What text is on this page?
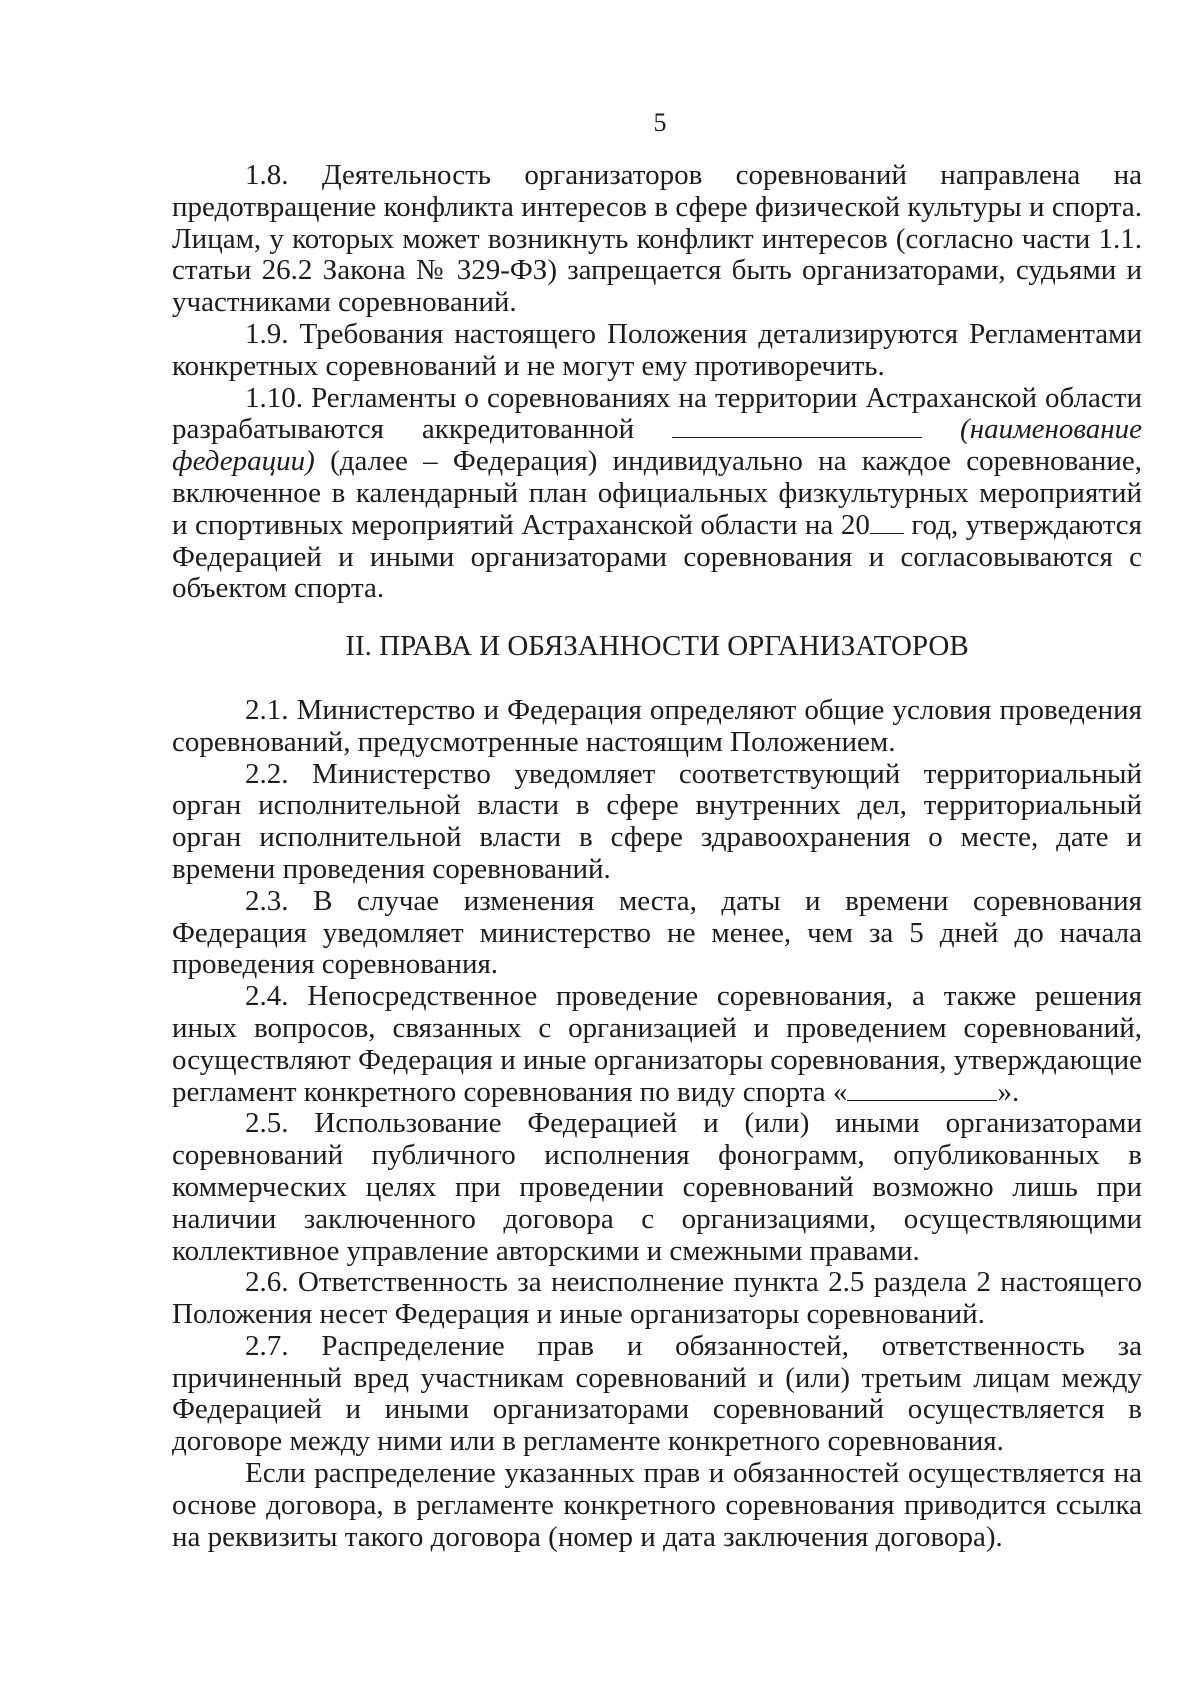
5

1.8. Деятельность организаторов соревнований направлена на предотвращение конфликта интересов в сфере физической культуры и спорта. Лицам, у которых может возникнуть конфликт интересов (согласно части 1.1. статьи 26.2 Закона № 329-ФЗ) запрещается быть организаторами, судьями и участниками соревнований.

1.9. Требования настоящего Положения детализируются Регламентами конкретных соревнований и не могут ему противоречить.

1.10. Регламенты о соревнованиях на территории Астраханской области разрабатываются аккредитованной	(наименование федерации) (далее – Федерация) индивидуально на каждое соревнование, включенное в календарный план официальных физкультурных мероприятий и спортивных мероприятий Астраханской области на 20 год, утверждаются Федерацией и иными организаторами соревнования и согласовываются с объектом спорта.

II. ПРАВА И ОБЯЗАННОСТИ ОРГАНИЗАТОРОВ

2.1. Министерство и Федерация определяют общие условия проведения соревнований, предусмотренные настоящим Положением.

2.2. Министерство уведомляет соответствующий территориальный орган исполнительной власти в сфере внутренних дел, территориальный орган исполнительной власти в сфере здравоохранения о месте, дате и времени проведения соревнований.

2.3. В случае изменения места, даты и времени соревнования Федерация уведомляет министерство не менее, чем за 5 дней до начала проведения соревнования.

2.4. Непосредственное проведение соревнования, а также решения иных вопросов, связанных с организацией и проведением соревнований, осуществляют Федерация и иные организаторы соревнования, утверждающие регламент конкретного соревнования по виду спорта «	».

2.5. Использование Федерацией и (или) иными организаторами соревнований публичного исполнения фонограмм, опубликованных в коммерческих целях при проведении соревнований возможно лишь при наличии заключенного договора с организациями, осуществляющими коллективное управление авторскими и смежными правами.

2.6. Ответственность за неисполнение пункта 2.5 раздела 2 настоящего Положения несет Федерация и иные организаторы соревнований.

2.7. Распределение прав и обязанностей, ответственность за причиненный вред участникам соревнований и (или) третьим лицам между Федерацией и иными организаторами соревнований осуществляется в договоре между ними или в регламенте конкретного соревнования.

Если распределение указанных прав и обязанностей осуществляется на основе договора, в регламенте конкретного соревнования приводится ссылка на реквизиты такого договора (номер и дата заключения договора).
